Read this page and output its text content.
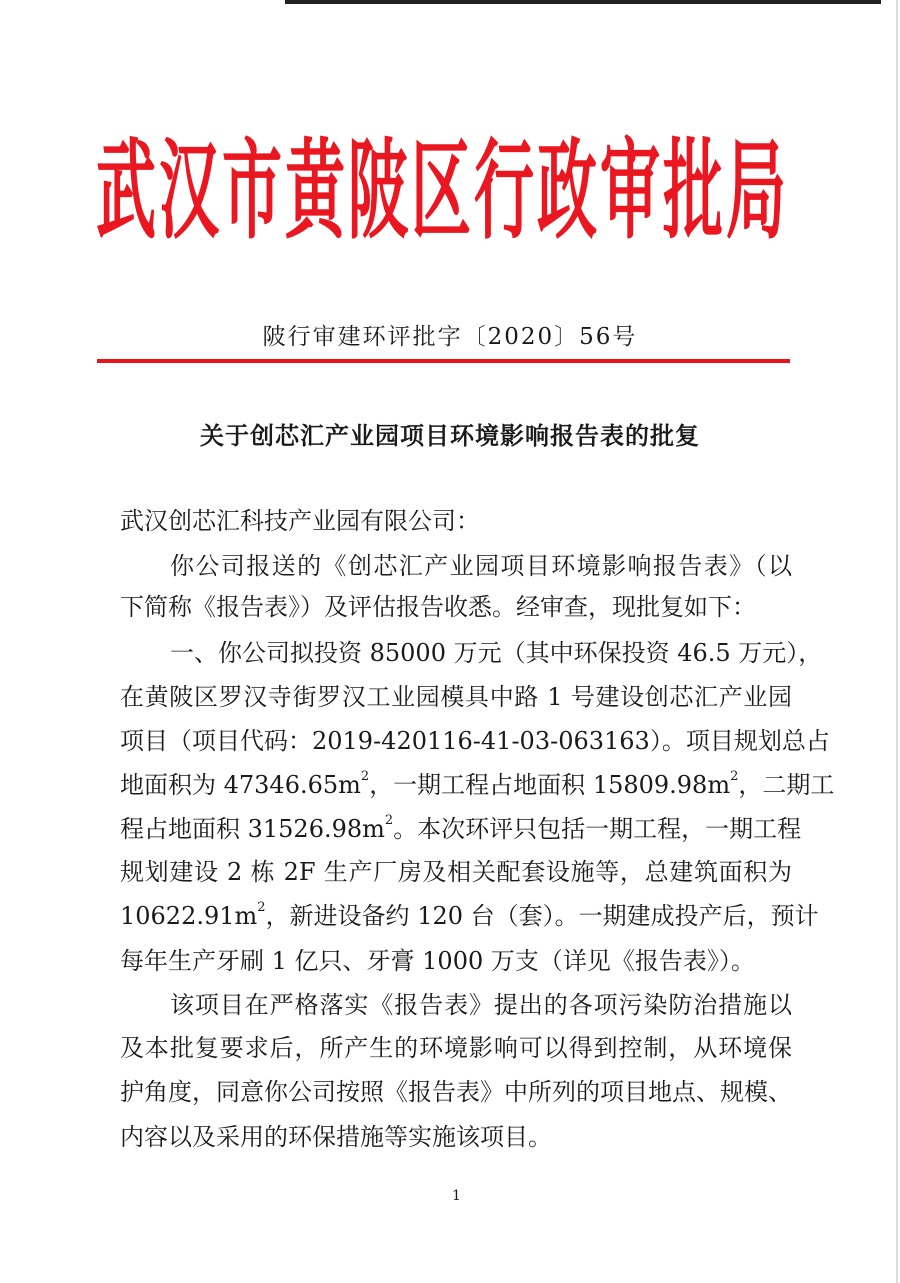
武 汉 市 黄 陂 区 行 政 审 批 局
陂行审建环评批字〔2020〕56号
关于创芯汇产业园项目环境影响报告表的批复
武汉创芯汇科技产业园有限公司：
你公司报送的《创芯汇产业园项目环境影响报告表》（以
下简称《报告表》）及评估报告收悉。经审查，现批复如下：
一、你公司拟投资 85000 万元（其中环保投资 46.5 万元），
在黄陂区罗汉寺街罗汉工业园模具中路 1 号建设创芯汇产业园
项目（项目代码：2019-420116-41-03-063163）。项目规划总占
地面积为 $47346.65m^2$，一期工程占地面积 $15809.98m^2$，二期工
程占地面积 $31526.98m^2$。本次环评只包括一期工程，一期工程
规划建设 2 栋 2F 生产厂房及相关配套设施等，总建筑面积为
$10622.91m^2$，新进设备约 120 台（套）。一期建成投产后，预计
每年生产牙刷 1 亿只、牙膏 1000 万支（详见《报告表》）。
该项目在严格落实《报告表》提出的各项污染防治措施以
及本批复要求后，所产生的环境影响可以得到控制，从环境保
护角度，同意你公司按照《报告表》中所列的项目地点、规模、
内容以及采用的环保措施等实施该项目。
1
